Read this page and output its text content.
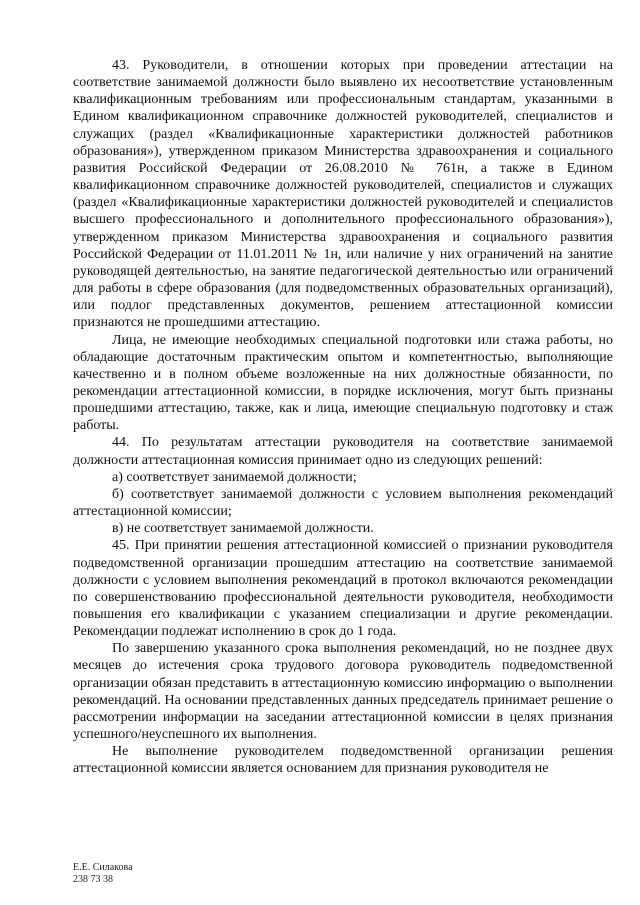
43. Руководители, в отношении которых при проведении аттестации на соответствие занимаемой должности было выявлено их несоответствие установленным квалификационным требованиям или профессиональным стандартам, указанными в Едином квалификационном справочнике должностей руководителей, специалистов и служащих (раздел «Квалификационные характеристики должностей работников образования»), утвержденном приказом Министерства здравоохранения и социального развития Российской Федерации от 26.08.2010 № 761н, а также в Едином квалификационном справочнике должностей руководителей, специалистов и служащих (раздел «Квалификационные характеристики должностей руководителей и специалистов высшего профессионального и дополнительного профессионального образования»), утвержденном приказом Министерства здравоохранения и социального развития Российской Федерации от 11.01.2011 № 1н, или наличие у них ограничений на занятие руководящей деятельностью, на занятие педагогической деятельностью или ограничений для работы в сфере образования (для подведомственных образовательных организаций), или подлог представленных документов, решением аттестационной комиссии признаются не прошедшими аттестацию.

Лица, не имеющие необходимых специальной подготовки или стажа работы, но обладающие достаточным практическим опытом и компетентностью, выполняющие качественно и в полном объеме возложенные на них должностные обязанности, по рекомендации аттестационной комиссии, в порядке исключения, могут быть признаны прошедшими аттестацию, также, как и лица, имеющие специальную подготовку и стаж работы.

44. По результатам аттестации руководителя на соответствие занимаемой должности аттестационная комиссия принимает одно из следующих решений:

а) соответствует занимаемой должности;

б) соответствует занимаемой должности с условием выполнения рекомендаций аттестационной комиссии;

в) не соответствует занимаемой должности.

45. При принятии решения аттестационной комиссией о признании руководителя подведомственной организации прошедшим аттестацию на соответствие занимаемой должности с условием выполнения рекомендаций в протокол включаются рекомендации по совершенствованию профессиональной деятельности руководителя, необходимости повышения его квалификации с указанием специализации и другие рекомендации. Рекомендации подлежат исполнению в срок до 1 года.

По завершению указанного срока выполнения рекомендаций, но не позднее двух месяцев до истечения срока трудового договора руководитель подведомственной организации обязан представить в аттестационную комиссию информацию о выполнении рекомендаций. На основании представленных данных председатель принимает решение о рассмотрении информации на заседании аттестационной комиссии в целях признания успешного/неуспешного их выполнения.

Не выполнение руководителем подведомственной организации решения аттестационной комиссии является основанием для признания руководителя не

Е.Е. Силакова
238 73 38
